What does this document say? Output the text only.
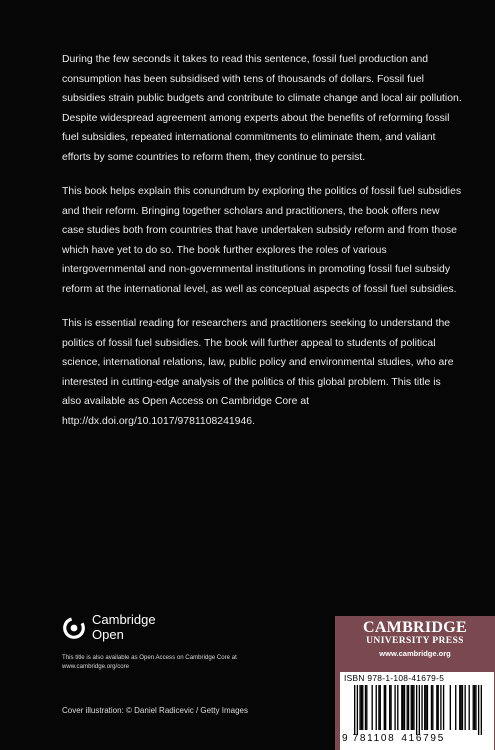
During the few seconds it takes to read this sentence, fossil fuel production and consumption has been subsidised with tens of thousands of dollars. Fossil fuel subsidies strain public budgets and contribute to climate change and local air pollution. Despite widespread agreement among experts about the benefits of reforming fossil fuel subsidies, repeated international commitments to eliminate them, and valiant efforts by some countries to reform them, they continue to persist.

This book helps explain this conundrum by exploring the politics of fossil fuel subsidies and their reform. Bringing together scholars and practitioners, the book offers new case studies both from countries that have undertaken subsidy reform and from those which have yet to do so. The book further explores the roles of various intergovernmental and non-governmental institutions in promoting fossil fuel subsidy reform at the international level, as well as conceptual aspects of fossil fuel subsidies.

This is essential reading for researchers and practitioners seeking to understand the politics of fossil fuel subsidies. The book will further appeal to students of political science, international relations, law, public policy and environmental studies, who are interested in cutting-edge analysis of the politics of this global problem. This title is also available as Open Access on Cambridge Core at http://dx.doi.org/10.1017/9781108241946.

Cambridge
Open
This title is also available as Open Access on Cambridge Core at www.cambridge.org/core
Cover illustration: © Daniel Radicevic / Getty Images
CAMBRIDGE
UNIVERSITY PRESS
www.cambridge.org
ISBN 978-1-108-41679-5
9 781108 416795
